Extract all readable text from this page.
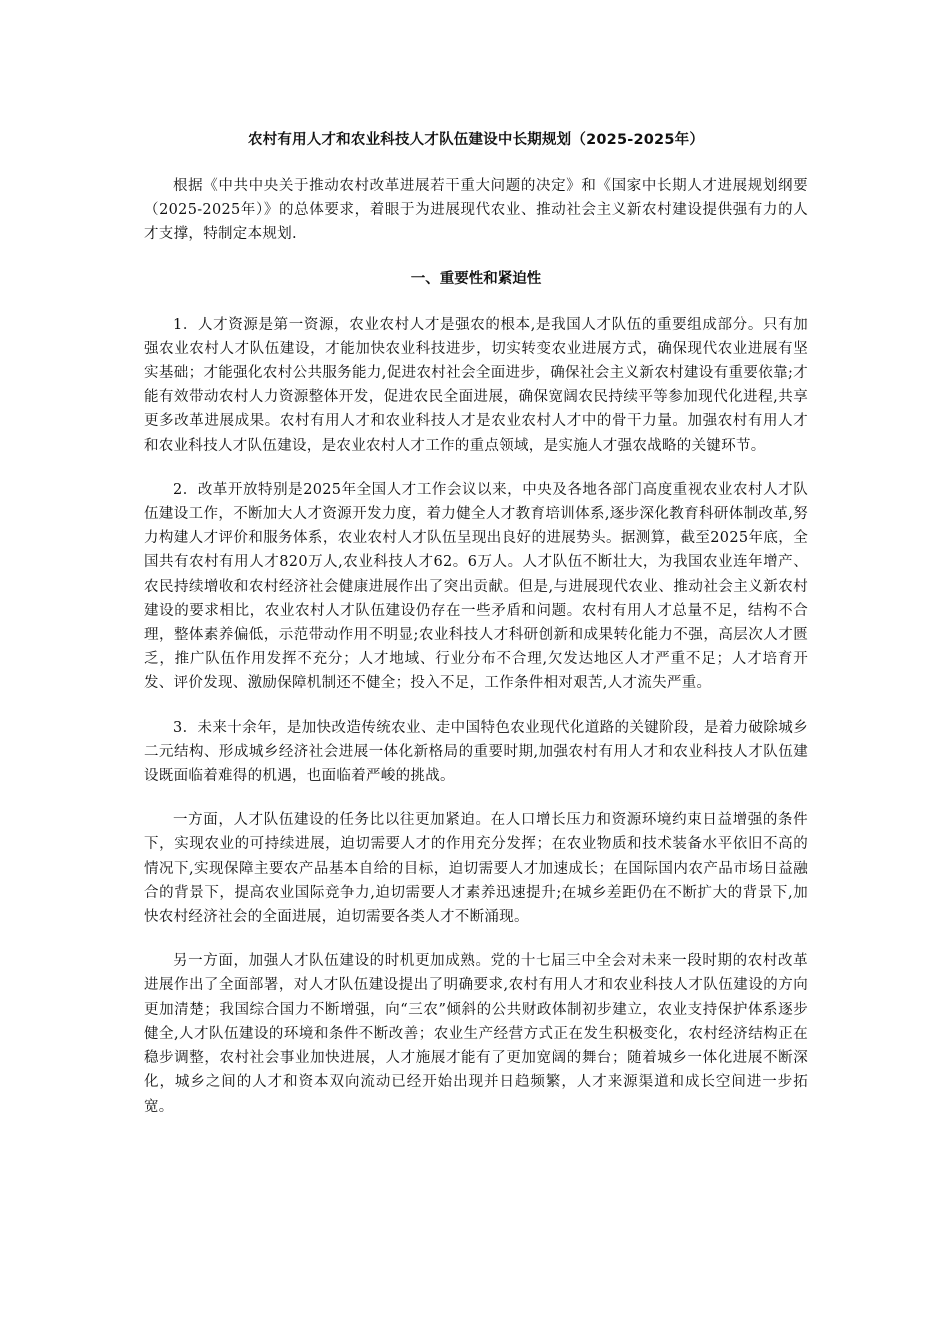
农村有用人才和农业科技人才队伍建设中长期规划（2025-2025年）

根据《中共中央关于推动农村改革进展若干重大问题的决定》和《国家中长期人才进展规划纲要（2025-2025年）》的总体要求，着眼于为进展现代农业、推动社会主义新农村建设提供强有力的人才支撑，特制定本规划.

一、重要性和紧迫性

1．人才资源是第一资源，农业农村人才是强农的根本,是我国人才队伍的重要组成部分。只有加强农业农村人才队伍建设，才能加快农业科技进步，切实转变农业进展方式，确保现代农业进展有坚实基础；才能强化农村公共服务能力,促进农村社会全面进步，确保社会主义新农村建设有重要依靠;才能有效带动农村人力资源整体开发，促进农民全面进展，确保宽阔农民持续平等参加现代化进程,共享更多改革进展成果。农村有用人才和农业科技人才是农业农村人才中的骨干力量。加强农村有用人才和农业科技人才队伍建设，是农业农村人才工作的重点领域，是实施人才强农战略的关键环节。

2．改革开放特别是2025年全国人才工作会议以来，中央及各地各部门高度重视农业农村人才队伍建设工作，不断加大人才资源开发力度，着力健全人才教育培训体系,逐步深化教育科研体制改革,努力构建人才评价和服务体系，农业农村人才队伍呈现出良好的进展势头。据测算，截至2025年底，全国共有农村有用人才820万人,农业科技人才62。6万人。人才队伍不断壮大，为我国农业连年增产、农民持续增收和农村经济社会健康进展作出了突出贡献。但是,与进展现代农业、推动社会主义新农村建设的要求相比，农业农村人才队伍建设仍存在一些矛盾和问题。农村有用人才总量不足，结构不合理，整体素养偏低，示范带动作用不明显;农业科技人才科研创新和成果转化能力不强，高层次人才匮乏，推广队伍作用发挥不充分；人才地域、行业分布不合理,欠发达地区人才严重不足；人才培育开发、评价发现、激励保障机制还不健全；投入不足，工作条件相对艰苦,人才流失严重。

3．未来十余年，是加快改造传统农业、走中国特色农业现代化道路的关键阶段，是着力破除城乡二元结构、形成城乡经济社会进展一体化新格局的重要时期,加强农村有用人才和农业科技人才队伍建设既面临着难得的机遇，也面临着严峻的挑战。

一方面，人才队伍建设的任务比以往更加紧迫。在人口增长压力和资源环境约束日益增强的条件下，实现农业的可持续进展，迫切需要人才的作用充分发挥；在农业物质和技术装备水平依旧不高的情况下,实现保障主要农产品基本自给的目标，迫切需要人才加速成长；在国际国内农产品市场日益融合的背景下，提高农业国际竞争力,迫切需要人才素养迅速提升;在城乡差距仍在不断扩大的背景下,加快农村经济社会的全面进展，迫切需要各类人才不断涌现。

另一方面，加强人才队伍建设的时机更加成熟。党的十七届三中全会对未来一段时期的农村改革进展作出了全面部署，对人才队伍建设提出了明确要求,农村有用人才和农业科技人才队伍建设的方向更加清楚；我国综合国力不断增强，向“三农”倾斜的公共财政体制初步建立，农业支持保护体系逐步健全,人才队伍建设的环境和条件不断改善；农业生产经营方式正在发生积极变化，农村经济结构正在稳步调整，农村社会事业加快进展，人才施展才能有了更加宽阔的舞台；随着城乡一体化进展不断深化，城乡之间的人才和资本双向流动已经开始出现并日趋频繁，人才来源渠道和成长空间进一步拓宽。
